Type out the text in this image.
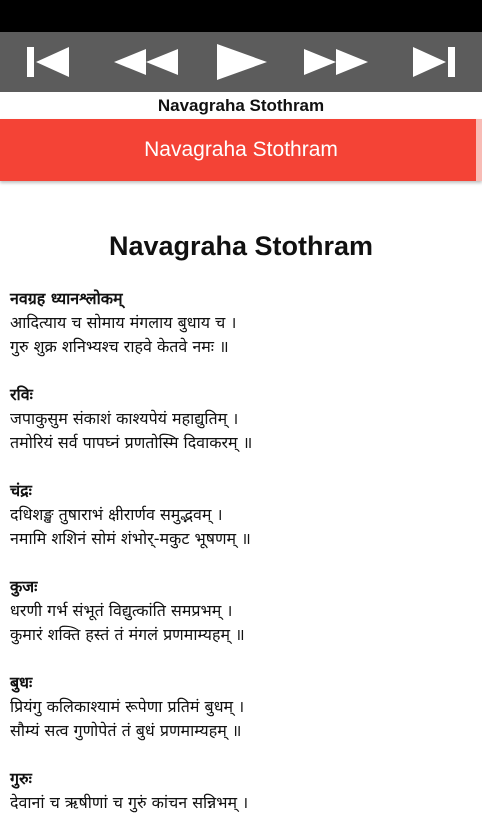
Navagraha Stothram
Navagraha Stothram
Navagraha Stothram
नवग्रह ध्यानश्लोकम्
आदित्याय च सोमाय मंगलाय बुधाय च ।
गुरु शुक्र शनिभ्यश्च राहवे केतवे नमः ॥
रविः
जपाकुसुम संकाशं काश्यपेयं महाद्युतिम् ।
तमोरियं सर्व पापघ्नं प्रणतोस्मि दिवाकरम् ॥
चंद्रः
दधिशङ्ख तुषाराभं क्षीरार्णव समुद्भवम् ।
नमामि शशिनं सोमं शंभोर्-मकुट भूषणम् ॥
कुजः
धरणी गर्भ संभूतं विद्युत्कांति समप्रभम् ।
कुमारं शक्ति हस्तं तं मंगलं प्रणमाम्यहम् ॥
बुधः
प्रियंगु कलिकाश्यामं रूपेणा प्रतिमं बुधम् ।
सौम्यं सत्व गुणोपेतं तं बुधं प्रणमाम्यहम् ॥
गुरुः
देवानां च ऋषीणां च गुरुं कांचन सन्निभम् ।
